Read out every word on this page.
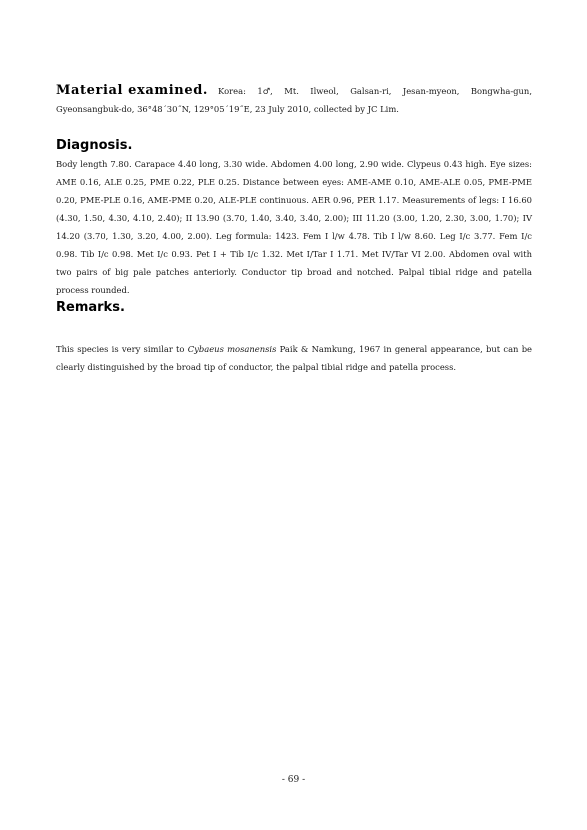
Material examined. Korea: 1♂, Mt. Ilweol, Galsan-ri, Jesan-myeon, Bongwha-gun,
Gyeonsangbuk-do, 36°48´30˝N, 129°05´19˝E, 23 July 2010, collected by JC Lim.
Diagnosis.
Body length 7.80. Carapace 4.40 long, 3.30 wide. Abdomen 4.00 long, 2.90 wide. Clypeus 0.43 high. Eye sizes: AME 0.16, ALE 0.25, PME 0.22, PLE 0.25. Distance between eyes: AME-AME 0.10, AME-ALE 0.05, PME-PME 0.20, PME-PLE 0.16, AME-PME 0.20, ALE-PLE continuous. AER 0.96, PER 1.17. Measurements of legs: I 16.60 (4.30, 1.50, 4.30, 4.10, 2.40); II 13.90 (3.70, 1.40, 3.40, 3.40, 2.00); III 11.20 (3.00, 1.20, 2.30, 3.00, 1.70); IV 14.20 (3.70, 1.30, 3.20, 4.00, 2.00). Leg formula: 1423. Fem I l/w 4.78. Tib I l/w 8.60. Leg I/c 3.77. Fem I/c 0.98. Tib I/c 0.98. Met I/c 0.93. Pet I + Tib I/c 1.32. Met I/Tar I 1.71. Met IV/Tar VI 2.00. Abdomen oval with two pairs of big pale patches anteriorly. Conductor tip broad and notched. Palpal tibial ridge and patella process rounded.
Remarks.
This species is very similar to Cybaeus mosanensis Paik & Namkung, 1967 in general appearance, but can be clearly distinguished by the broad tip of conductor, the palpal tibial ridge and patella process.
- 69 -
